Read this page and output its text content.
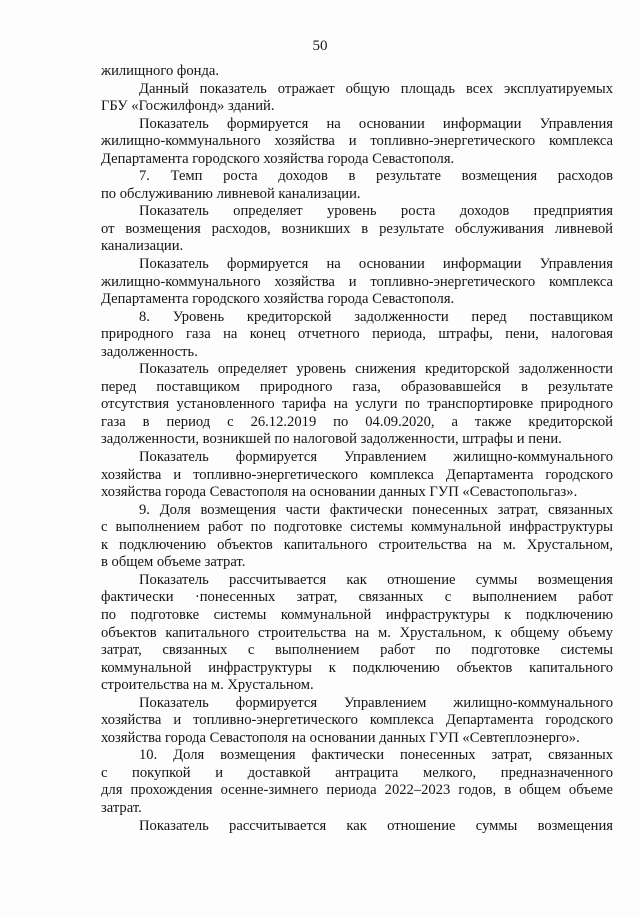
50
жилищного фонда.
Данный показатель отражает общую площадь всех эксплуатируемых
ГБУ «Госжилфонд» зданий.
Показатель формируется на основании информации Управления
жилищно-коммунального хозяйства и топливно-энергетического комплекса
Департамента городского хозяйства города Севастополя.
7. Темп роста доходов в результате возмещения расходов
по обслуживанию ливневой канализации.
Показатель определяет уровень роста доходов предприятия
от возмещения расходов, возникших в результате обслуживания ливневой
канализации.
Показатель формируется на основании информации Управления
жилищно-коммунального хозяйства и топливно-энергетического комплекса
Департамента городского хозяйства города Севастополя.
8. Уровень кредиторской задолженности перед поставщиком
природного газа на конец отчетного периода, штрафы, пени, налоговая
задолженность.
Показатель определяет уровень снижения кредиторской задолженности
перед поставщиком природного газа, образовавшейся в результате
отсутствия установленного тарифа на услуги по транспортировке природного
газа в период с 26.12.2019 по 04.09.2020, а также кредиторской
задолженности, возникшей по налоговой задолженности, штрафы и пени.
Показатель формируется Управлением жилищно-коммунального
хозяйства и топливно-энергетического комплекса Департамента городского
хозяйства города Севастополя на основании данных ГУП «Севастопольгаз».
9. Доля возмещения части фактически понесенных затрат, связанных
с выполнением работ по подготовке системы коммунальной инфраструктуры
к подключению объектов капитального строительства на м. Хрустальном,
в общем объеме затрат.
Показатель рассчитывается как отношение суммы возмещения
фактически ·понесенных затрат, связанных с выполнением работ
по подготовке системы коммунальной инфраструктуры к подключению
объектов капитального строительства на м. Хрустальном, к общему объему
затрат, связанных с выполнением работ по подготовке системы
коммунальной инфраструктуры к подключению объектов капитального
строительства на м. Хрустальном.
Показатель формируется Управлением жилищно-коммунального
хозяйства и топливно-энергетического комплекса Департамента городского
хозяйства города Севастополя на основании данных ГУП «Севтеплоэнерго».
10. Доля возмещения фактически понесенных затрат, связанных
с покупкой и доставкой антрацита мелкого, предназначенного
для прохождения осенне-зимнего периода 2022–2023 годов, в общем объеме
затрат.
Показатель рассчитывается как отношение суммы возмещения
